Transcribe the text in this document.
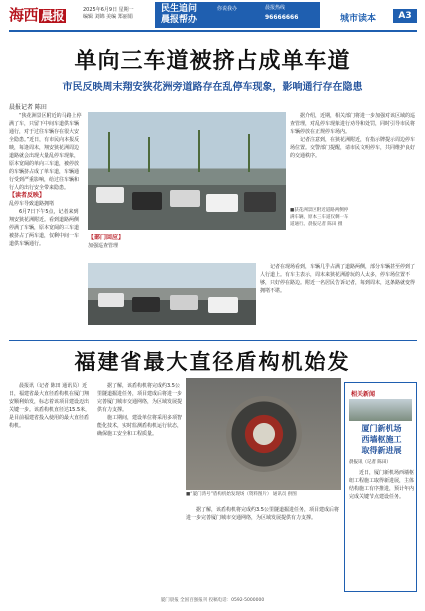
海西 晨报	2025年6月9日 星期一
编辑 刘锦 美编 郑丽娟
民生追问
晨报帮办
你说我办	晨报热线
96666666	城市读本	A3
单向三车道被挤占成单车道
市民反映周末翔安狭花洲旁道路存在乱停车现象，影响通行存在隐患
晨报记者 陈田

“狭花洲景区附近的马路上停满了车，只留下中间车道供车辆通行，对于过往车辆存在很大安全隐患。”近日，有市民向本报反映，每逢周末，翔安狭花洲周边道路就会出现大量乱停车现象，原本宽阔的单向三车道，被停放的车辆挤占成了单车道，车辆通行受到严重影响，给过往车辆和行人的出行安全带来隐患。

【读者反映】

乱停车导致道路拥堵

6月7日下午5点，记者来到翔安狭花洲附近。看到道路两侧停满了车辆，原本宽阔的三车道被挤占了两车道，仅剩中间一车道供车辆通行。

据介绍，近期，相关部门将进一步加强对该区域的巡查管理，对乱停车现象进行劝导和处罚，同时引导市民将车辆停放在正规停车场内。

记者注意到，在狭花洲附近，有指示牌提示周边停车场位置。交警部门提醒，请市民文明停车，共同维护良好的交通秩序。

■获花洲景区附近道路两侧停满车辆，原本三车道仅剩一车道通行。晨报记者 陈田 摄

【部门回应】

加强巡查管理

记者在现场看到，车辆几乎占满了道路两侧，部分车辆甚至停到了人行道上。有车主表示，周末来狭花洲游玩的人太多，停车场位置不够，只好停在路边。附近一名居民告诉记者，每到周末，这条路就变得拥堵不堪。

福建省最大直径盾构机始发

晨报讯（记者 陈田 通讯员）近日，福建省最大直径盾构机在厦门翔安顺利始发，标志着该项目建设迈出关键一步。该盾构机直径达15.5米，是目前福建省投入使用的最大直径盾构机。

据了解，该盾构机将完成约3.5公里隧道掘进任务，项目建成后将进一步完善厦门城市交通网络，为区域发展提供有力支撑。

施工期间，建设单位将采用多项智能化技术，实时监测盾构机运行状态，确保施工安全和工程质量。

■“厦门湾号”盾构机始发现场（资料图片） 通讯员 供图

据了解，该盾构机将完成约3.5公里隧道掘进任务，项目建成后将进一步完善厦门城市交通网络，为区域发展提供有力支撑。

相关新闻
厦门新机场
西墙枢施工
取得新进展
晨报讯（记者 陈田）

近日，厦门新机场西墙枢纽工程施工取得新进展，主体结构施工有序推进，预计年内完成关键节点建设任务。

厦门晨报 全国百强报刊 投稿电话：0592-5000000
